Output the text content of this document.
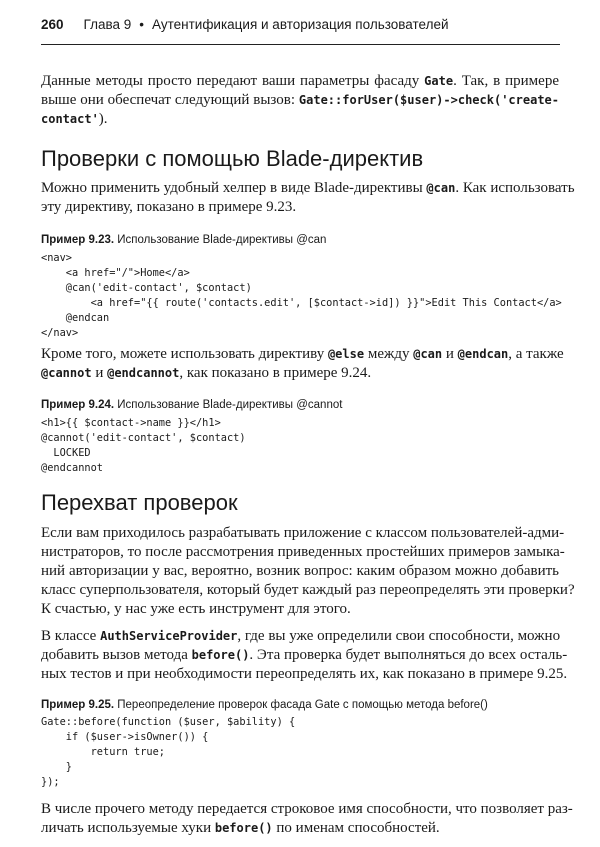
260 Глава 9 • Аутентификация и авторизация пользователей
Данные методы просто передают ваши параметры фасаду Gate. Так, в примере
выше они обеспечат следующий вызов: Gate::forUser($user)->check('create-
contact').
Проверки с помощью Blade-директив
Можно применить удобный хелпер в виде Blade-директивы @can. Как использовать
эту директиву, показано в примере 9.23.
Пример 9.23. Использование Blade-директивы @can
<nav>
<a href="/">Home</a>
@can('edit-contact', $contact)
<a href="{{ route('contacts.edit', [$contact->id]) }}">Edit This Contact</a>
@endcan
</nav>
Кроме того, можете использовать директиву @else между @can и @endcan, а также
@cannot и @endcannot, как показано в примере 9.24.
Пример 9.24. Использование Blade-директивы @cannot
<h1>{{ $contact->name }}</h1>
@cannot('edit-contact', $contact)
LOCKED
@endcannot
Перехват проверок
Если вам приходилось разрабатывать приложение с классом пользователей-адми-
нистраторов, то после рассмотрения приведенных простейших примеров замыка-
ний авторизации у вас, вероятно, возник вопрос: каким образом можно добавить
класс суперпользователя, который будет каждый раз переопределять эти проверки?
К счастью, у нас уже есть инструмент для этого.
В классе AuthServiceProvider, где вы уже определили свои способности, можно
добавить вызов метода before(). Эта проверка будет выполняться до всех осталь-
ных тестов и при необходимости переопределять их, как показано в примере 9.25.
Пример 9.25. Переопределение проверок фасада Gate с помощью метода before()
Gate::before(function ($user, $ability) {
if ($user->isOwner()) {
return true;
}
});
В числе прочего методу передается строковое имя способности, что позволяет раз-
личать используемые хуки before() по именам способностей.
